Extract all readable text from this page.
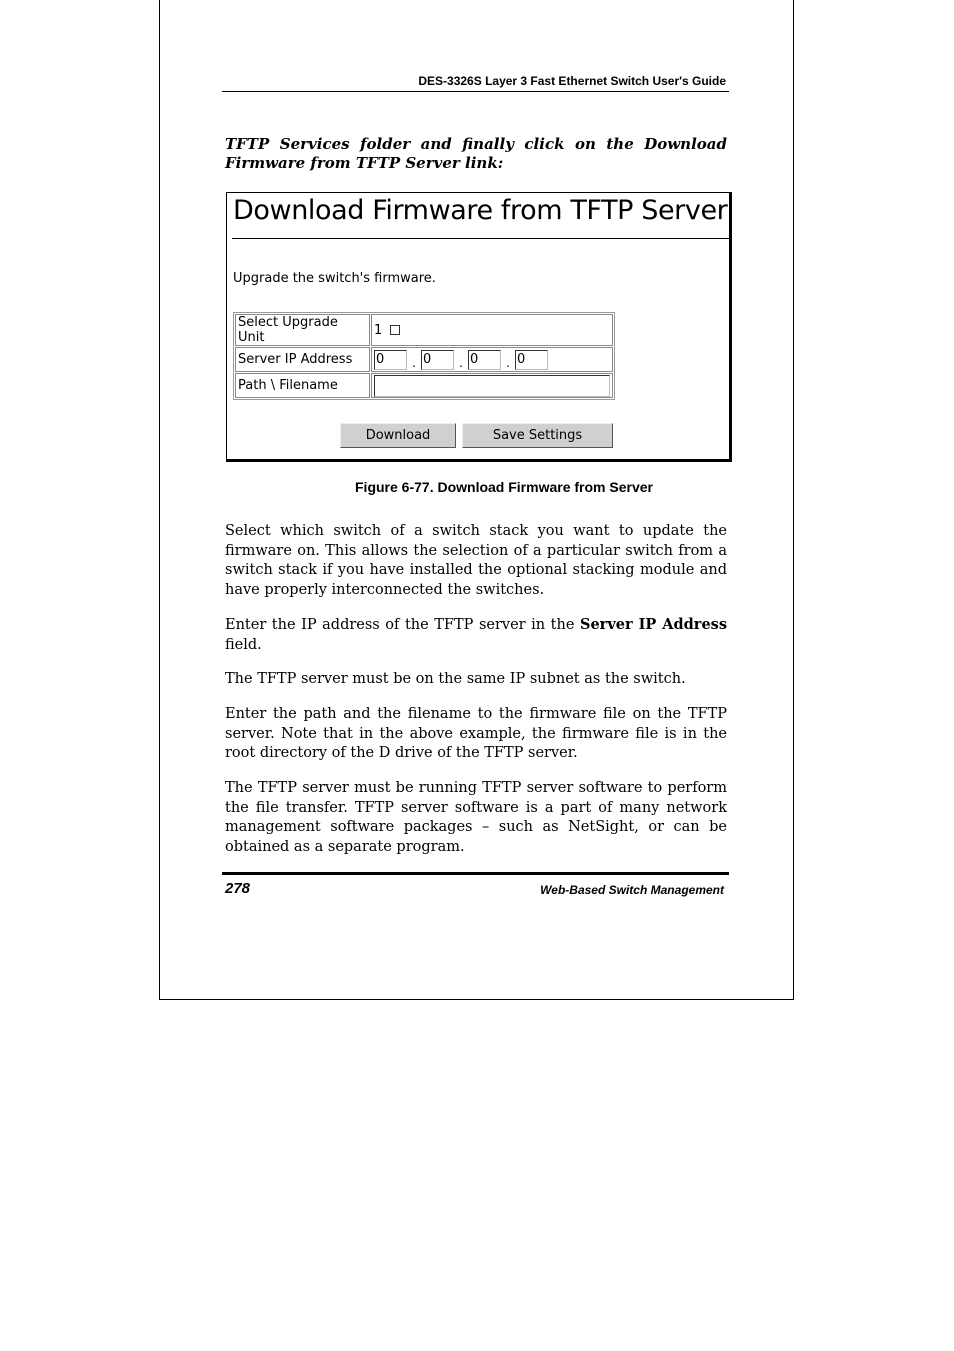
DES-3326S Layer 3 Fast Ethernet Switch User's Guide
TFTP Services folder and finally click on the Download Firmware from TFTP Server link:
Download Firmware from TFTP Server
Upgrade the switch's firmware.
Select Upgrade Unit	1
Server IP Address	0 . 0 . 0 . 0
Path \ Filename	
Download	Save Settings
Figure 6-77. Download Firmware from Server
Select which switch of a switch stack you want to update the firmware on. This allows the selection of a particular switch from a switch stack if you have installed the optional stacking module and have properly interconnected the switches.
Enter the IP address of the TFTP server in the Server IP Address field.
The TFTP server must be on the same IP subnet as the switch.
Enter the path and the filename to the firmware file on the TFTP server. Note that in the above example, the firmware file is in the root directory of the D drive of the TFTP server.
The TFTP server must be running TFTP server software to perform the file transfer. TFTP server software is a part of many network management software packages – such as NetSight, or can be obtained as a separate program.
278	Web-Based Switch Management
